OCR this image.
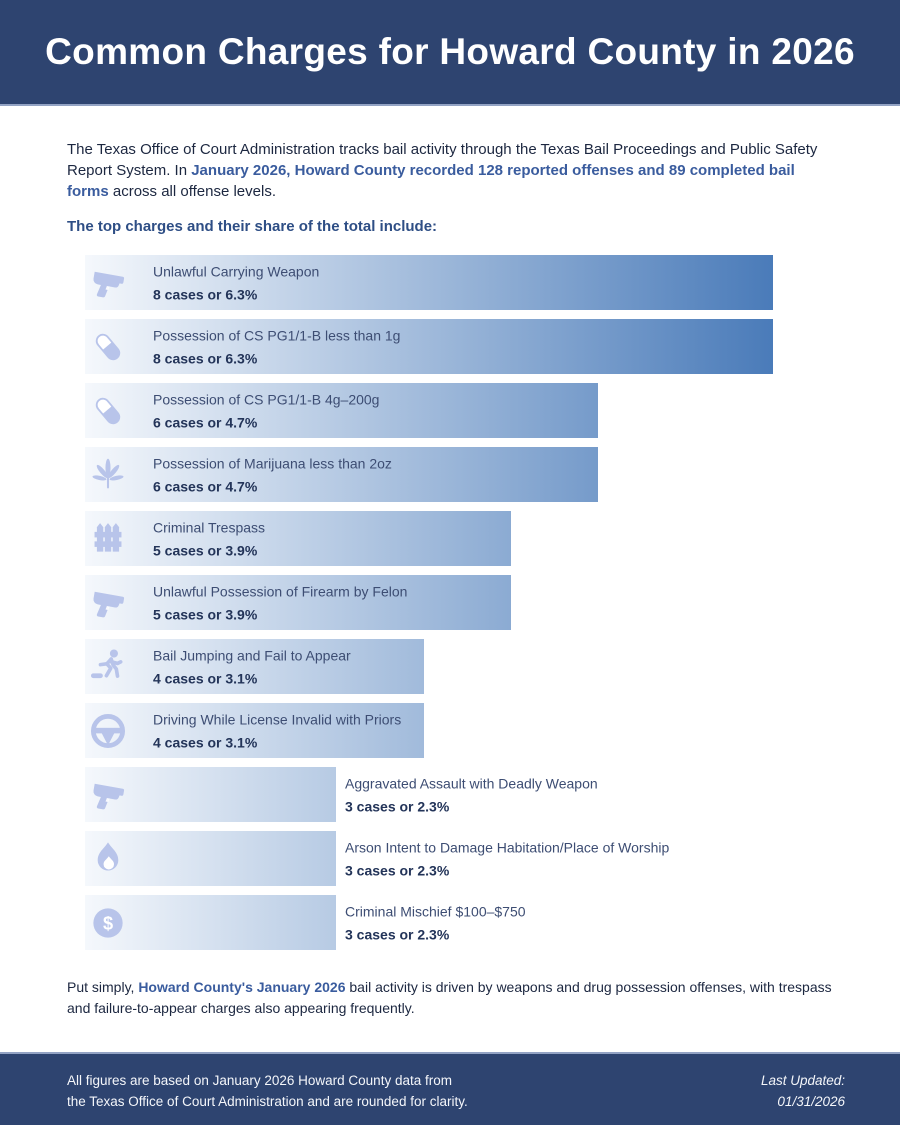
Common Charges for Howard County in 2026

The Texas Office of Court Administration tracks bail activity through the Texas Bail Proceedings and Public Safety Report System. In January 2026, Howard County recorded 128 reported offenses and 89 completed bail forms across all offense levels.

The top charges and their share of the total include:
Unlawful Carrying Weapon
8 cases or 6.3%
Possession of CS PG1/1-B less than 1g
8 cases or 6.3%
Possession of CS PG1/1-B 4g–200g
6 cases or 4.7%
Possession of Marijuana less than 2oz
6 cases or 4.7%
Criminal Trespass
5 cases or 3.9%
Unlawful Possession of Firearm by Felon
5 cases or 3.9%
Bail Jumping and Fail to Appear
4 cases or 3.1%
Driving While License Invalid with Priors
4 cases or 3.1%
Aggravated Assault with Deadly Weapon
3 cases or 2.3%
Arson Intent to Damage Habitation/Place of Worship
3 cases or 2.3%
Criminal Mischief $100–$750
3 cases or 2.3%

Put simply, Howard County's January 2026 bail activity is driven by weapons and drug possession offenses, with trespass and failure-to-appear charges also appearing frequently.

All figures are based on January 2026 Howard County data from
the Texas Office of Court Administration and are rounded for clarity.
Last Updated:
01/31/2026
